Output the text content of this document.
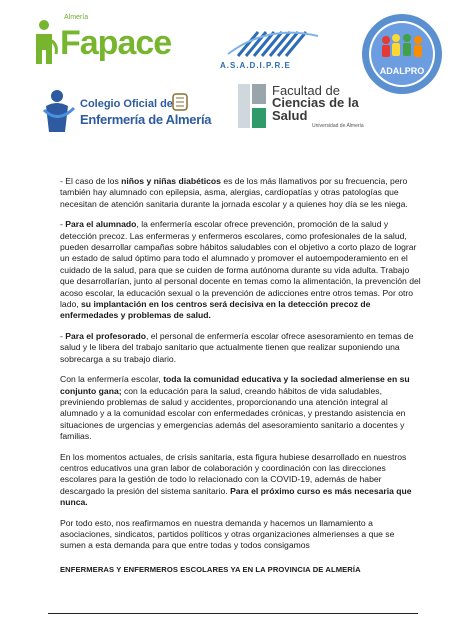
Almería
Fapace
A.S.A.D.I.P.R.E
ADALPRO
Colegio Oficial de
Enfermería de Almería
Facultad de
Ciencias de la
Salud
Universidad de Almería

- El caso de los niños y niñas diabéticos es de los más llamativos por su frecuencia, pero también hay alumnado con epilepsia, asma, alergias, cardiopatías y otras patologías que necesitan de atención sanitaria durante la jornada escolar y a quienes hoy día se les niega.

- Para el alumnado, la enfermería escolar ofrece prevención, promoción de la salud y detección precoz. Las enfermeras y enfermeros escolares, como profesionales de la salud, pueden desarrollar campañas sobre hábitos saludables con el objetivo a corto plazo de lograr un estado de salud óptimo para todo el alumnado y promover el autoempoderamiento en el cuidado de la salud, para que se cuiden de forma autónoma durante su vida adulta. Trabajo que desarrollarían, junto al personal docente en temas como la alimentación, la prevención del acoso escolar, la educación sexual o la prevención de adicciones entre otros temas. Por otro lado, su implantación en los centros será decisiva en la detección precoz de enfermedades y problemas de salud.

- Para el profesorado, el personal de enfermería escolar ofrece asesoramiento en temas de salud y le libera del trabajo sanitario que actualmente tienen que realizar suponiendo una sobrecarga a su trabajo diario.

Con la enfermería escolar, toda la comunidad educativa y la sociedad almeriense en su conjunto gana; con la educación para la salud, creando hábitos de vida saludables, previniendo problemas de salud y accidentes, proporcionando una atención integral al alumnado y a la comunidad escolar con enfermedades crónicas, y prestando asistencia en situaciones de urgencias y emergencias además del asesoramiento sanitario a docentes y familias.

En los momentos actuales, de crisis sanitaria, esta figura hubiese desarrollado en nuestros centros educativos una gran labor de colaboración y coordinación con las direcciones escolares para la gestión de todo lo relacionado con la COVID-19, además de haber descargado la presión del sistema sanitario. Para el próximo curso es más necesaria que nunca.

Por todo esto, nos reafirmamos en nuestra demanda y hacemos un llamamiento a asociaciones, sindicatos, partidos políticos y otras organizaciones almerienses a que se sumen a esta demanda para que entre todas y todos consigamos

ENFERMERAS Y ENFERMEROS ESCOLARES YA EN LA PROVINCIA DE ALMERÍA
